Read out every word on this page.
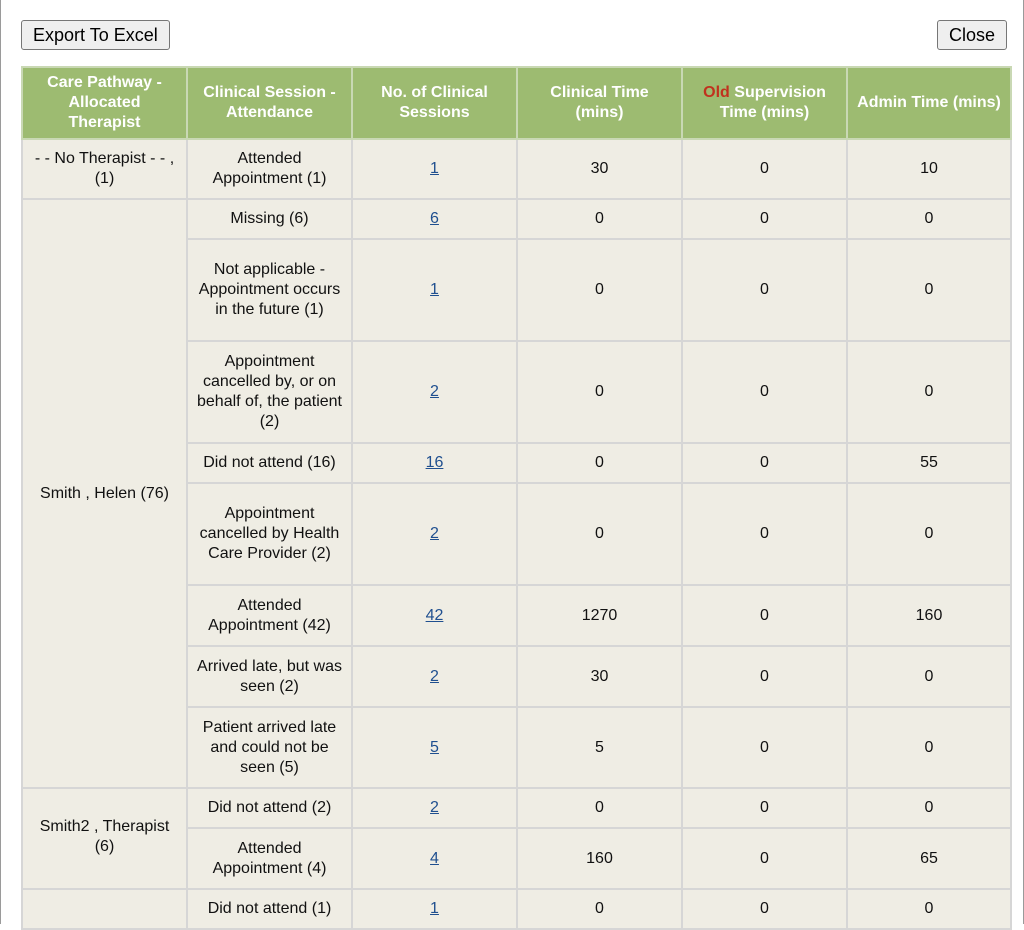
Export To Excel	Close
Care Pathway - Allocated Therapist	Clinical Session - Attendance	No. of Clinical Sessions	Clinical Time (mins)	Old Supervision Time (mins)	Admin Time (mins)
- - No Therapist - - , (1)	Attended Appointment (1)	1	30	0	10
Smith , Helen (76)	Missing (6)	6	0	0	0
	Not applicable - Appointment occurs in the future (1)	1	0	0	0
	Appointment cancelled by, or on behalf of, the patient (2)	2	0	0	0
	Did not attend (16)	16	0	0	55
	Appointment cancelled by Health Care Provider (2)	2	0	0	0
	Attended Appointment (42)	42	1270	0	160
	Arrived late, but was seen (2)	2	30	0	0
	Patient arrived late and could not be seen (5)	5	5	0	0
Smith2 , Therapist (6)	Did not attend (2)	2	0	0	0
	Attended Appointment (4)	4	160	0	65
	Did not attend (1)	1	0	0	0
